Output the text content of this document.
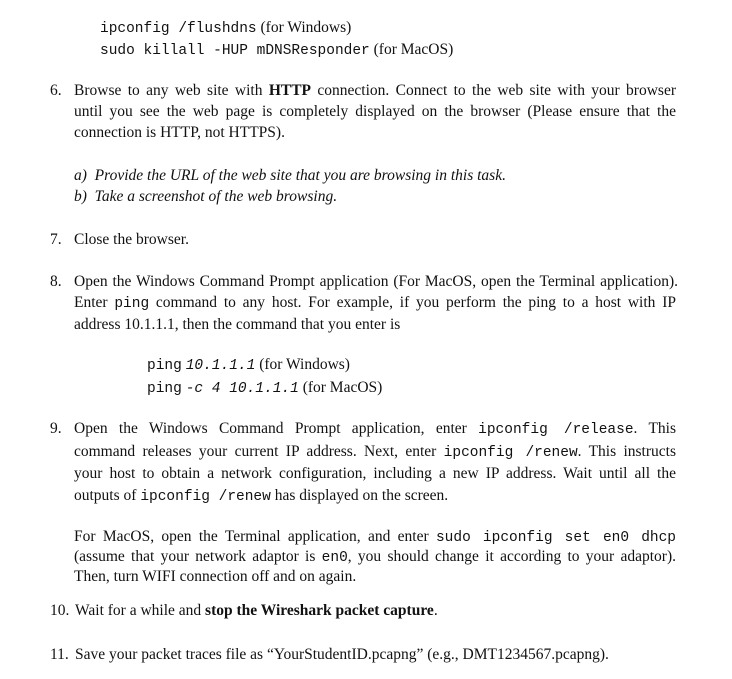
ipconfig /flushdns (for Windows)
sudo killall -HUP mDNSResponder (for MacOS)
6. Browse to any web site with HTTP connection. Connect to the web site with your browser
until you see the web page is completely displayed on the browser (Please ensure that the
connection is HTTP, not HTTPS).
a) Provide the URL of the web site that you are browsing in this task.
b) Take a screenshot of the web browsing.
7. Close the browser.
8. Open the Windows Command Prompt application (For MacOS, open the Terminal application).
Enter ping command to any host. For example, if you perform the ping to a host with IP
address 10.1.1.1, then the command that you enter is
ping 10.1.1.1 (for Windows)
ping -c 4 10.1.1.1 (for MacOS)
9. Open the Windows Command Prompt application, enter ipconfig /release. This
command releases your current IP address. Next, enter ipconfig /renew. This instructs
your host to obtain a network configuration, including a new IP address. Wait until all the
outputs of ipconfig /renew has displayed on the screen.
For MacOS, open the Terminal application, and enter sudo ipconfig set en0 dhcp
(assume that your network adaptor is en0, you should change it according to your adaptor).
Then, turn WIFI connection off and on again.
10. Wait for a while and stop the Wireshark packet capture.
11. Save your packet traces file as “YourStudentID.pcapng” (e.g., DMT1234567.pcapng).
